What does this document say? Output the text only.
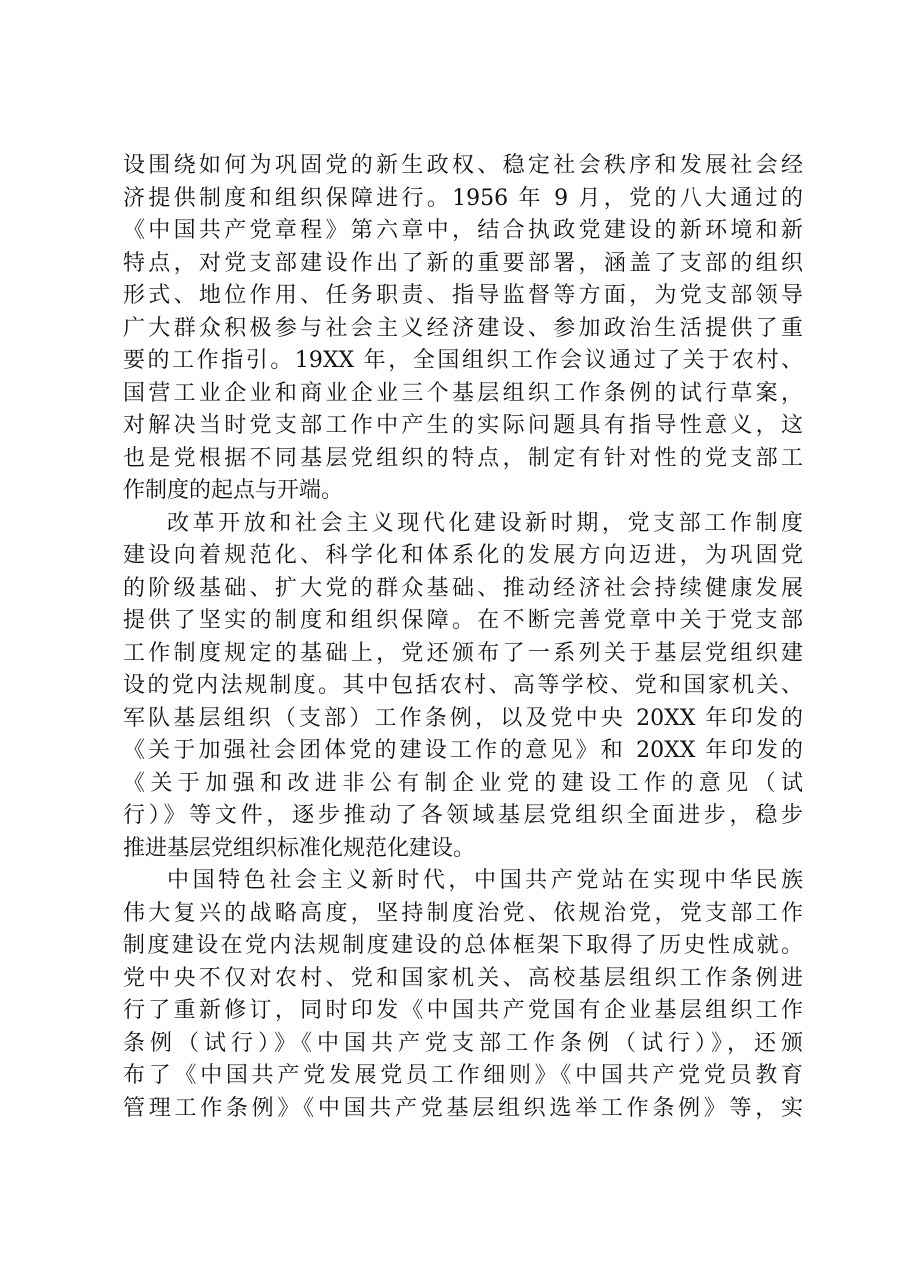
设围绕如何为巩固党的新生政权、稳定社会秩序和发展社会经
济提供制度和组织保障进行。1956 年 9 月，党的八大通过的
《中国共产党章程》第六章中，结合执政党建设的新环境和新
特点，对党支部建设作出了新的重要部署，涵盖了支部的组织
形式、地位作用、任务职责、指导监督等方面，为党支部领导
广大群众积极参与社会主义经济建设、参加政治生活提供了重
要的工作指引。19XX 年，全国组织工作会议通过了关于农村、
国营工业企业和商业企业三个基层组织工作条例的试行草案，
对解决当时党支部工作中产生的实际问题具有指导性意义，这
也是党根据不同基层党组织的特点，制定有针对性的党支部工
作制度的起点与开端。
改革开放和社会主义现代化建设新时期，党支部工作制度
建设向着规范化、科学化和体系化的发展方向迈进，为巩固党
的阶级基础、扩大党的群众基础、推动经济社会持续健康发展
提供了坚实的制度和组织保障。在不断完善党章中关于党支部
工作制度规定的基础上，党还颁布了一系列关于基层党组织建
设的党内法规制度。其中包括农村、高等学校、党和国家机关、
军队基层组织（支部）工作条例，以及党中央 20XX 年印发的
《关于加强社会团体党的建设工作的意见》和 20XX 年印发的
《关于加强和改进非公有制企业党的建设工作的意见（试
行）》等文件，逐步推动了各领域基层党组织全面进步，稳步
推进基层党组织标准化规范化建设。
中国特色社会主义新时代，中国共产党站在实现中华民族
伟大复兴的战略高度，坚持制度治党、依规治党，党支部工作
制度建设在党内法规制度建设的总体框架下取得了历史性成就。
党中央不仅对农村、党和国家机关、高校基层组织工作条例进
行了重新修订，同时印发《中国共产党国有企业基层组织工作
条例（试行）》《中国共产党支部工作条例（试行）》，还颁
布了《中国共产党发展党员工作细则》《中国共产党党员教育
管理工作条例》《中国共产党基层组织选举工作条例》等，实
